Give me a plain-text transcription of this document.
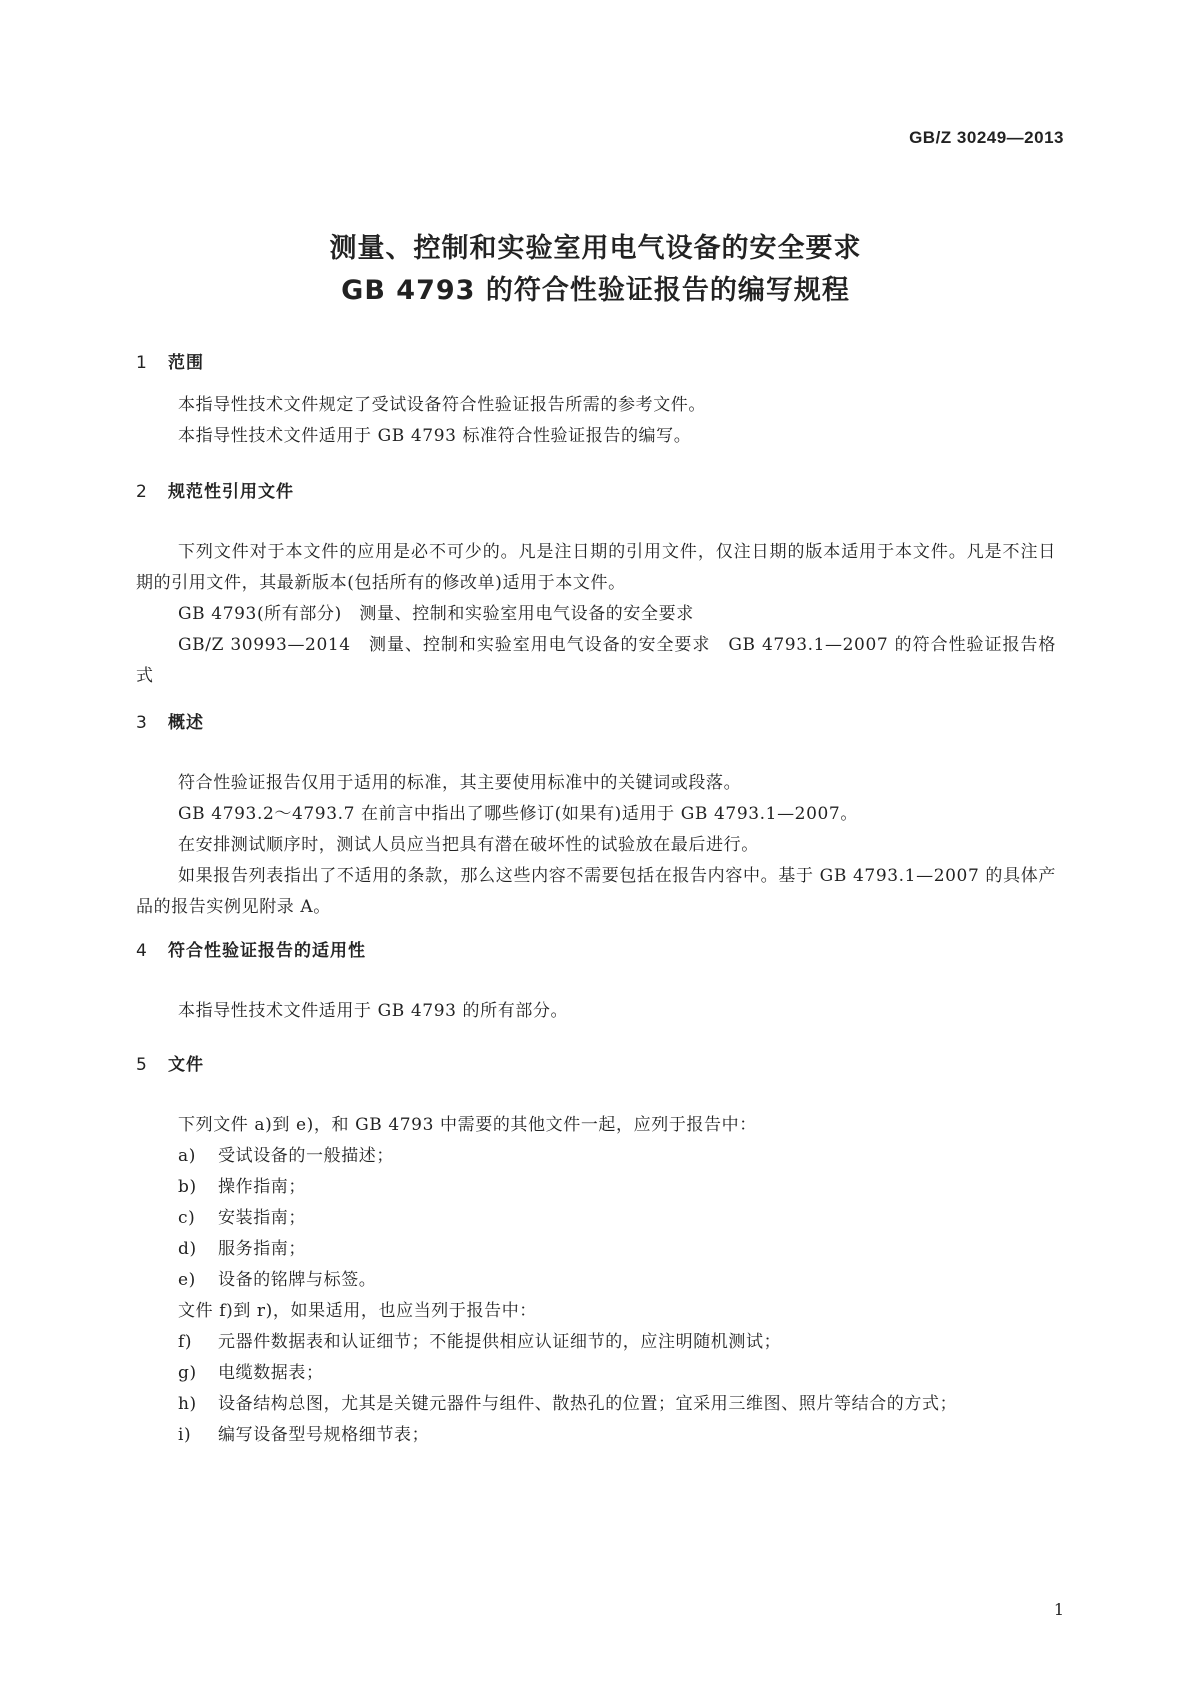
GB/Z 30249—2013
测量、控制和实验室用电气设备的安全要求
GB 4793 的符合性验证报告的编写规程
1 范围

本指导性技术文件规定了受试设备符合性验证报告所需的参考文件。

本指导性技术文件适用于 GB 4793 标准符合性验证报告的编写。

2 规范性引用文件

下列文件对于本文件的应用是必不可少的。凡是注日期的引用文件，仅注日期的版本适用于本文件。凡是不注日期的引用文件，其最新版本(包括所有的修改单)适用于本文件。

GB 4793(所有部分)　测量、控制和实验室用电气设备的安全要求

GB/Z 30993—2014　测量、控制和实验室用电气设备的安全要求　GB 4793.1—2007 的符合性验证报告格式

3 概述

符合性验证报告仅用于适用的标准，其主要使用标准中的关键词或段落。

GB 4793.2～4793.7 在前言中指出了哪些修订(如果有)适用于 GB 4793.1—2007。

在安排测试顺序时，测试人员应当把具有潜在破坏性的试验放在最后进行。

如果报告列表指出了不适用的条款，那么这些内容不需要包括在报告内容中。基于 GB 4793.1—2007 的具体产品的报告实例见附录 A。

4 符合性验证报告的适用性

本指导性技术文件适用于 GB 4793 的所有部分。

5 文件

下列文件 a)到 e)，和 GB 4793 中需要的其他文件一起，应列于报告中：

a) 受试设备的一般描述；
b) 操作指南；
c) 安装指南；
d) 服务指南；
e) 设备的铭牌与标签。

文件 f)到 r)，如果适用，也应当列于报告中：

f) 元器件数据表和认证细节；不能提供相应认证细节的，应注明随机测试；
g) 电缆数据表；
h) 设备结构总图，尤其是关键元器件与组件、散热孔的位置；宜采用三维图、照片等结合的方式；
i) 编写设备型号规格细节表；
1
